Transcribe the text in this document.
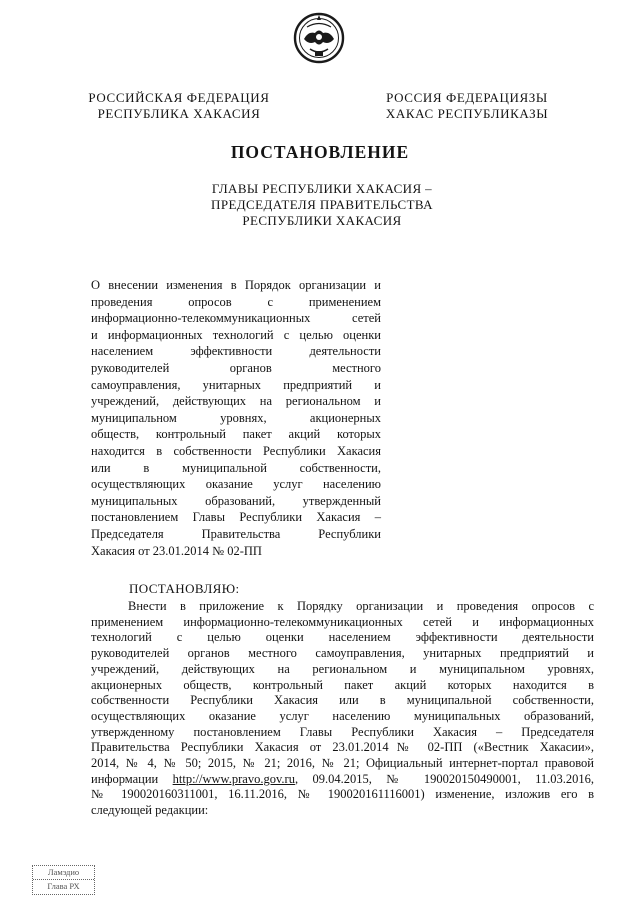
РОССИЙСКАЯ ФЕДЕРАЦИЯ
РЕСПУБЛИКА ХАКАСИЯ
РОССИЯ ФЕДЕРАЦИЯЗЫ
ХАКАС РЕСПУБЛИКАЗЫ
ПОСТАНОВЛЕНИЕ
ГЛАВЫ РЕСПУБЛИКИ ХАКАСИЯ –
ПРЕДСЕДАТЕЛЯ ПРАВИТЕЛЬСТВА
РЕСПУБЛИКИ ХАКАСИЯ

О внесении изменения в Порядок организации и

проведения опросов с применением

информационно-телекоммуникационных сетей

и информационных технологий с целью оценки

населением эффективности деятельности

руководителей органов местного

самоуправления, унитарных предприятий и

учреждений, действующих на региональном и

муниципальном уровнях, акционерных

обществ, контрольный пакет акций которых

находится в собственности Республики Хакасия

или в муниципальной собственности,

осуществляющих оказание услуг населению

муниципальных образований, утвержденный

постановлением Главы Республики Хакасия –

Председателя Правительства Республики

Хакасия от 23.01.2014 № 02-ПП

ПОСТАНОВЛЯЮ:

Внести в приложение к Порядку организации и проведения опросов с

применением информационно-телекоммуникационных сетей и информационных

технологий с целью оценки населением эффективности деятельности

руководителей органов местного самоуправления, унитарных предприятий и

учреждений, действующих на региональном и муниципальном уровнях,

акционерных обществ, контрольный пакет акций которых находится в

собственности Республики Хакасия или в муниципальной собственности,

осуществляющих оказание услуг населению муниципальных образований,

утвержденному постановлением Главы Республики Хакасия – Председателя

Правительства Республики Хакасия от 23.01.2014№ 02-ПП («Вестник Хакасии»,

2014, № 4, № 50; 2015, № 21; 2016, № 21; Официальный интернет-портал правовой

информации http://www.pravo.gov.ru, 09.04.2015, № 190020150490001, 11.03.2016,

№ 190020160311001, 16.11.2016, № 190020161116001) изменение, изложив его в

следующей редакции:

Ламэдио
Глава РХ
